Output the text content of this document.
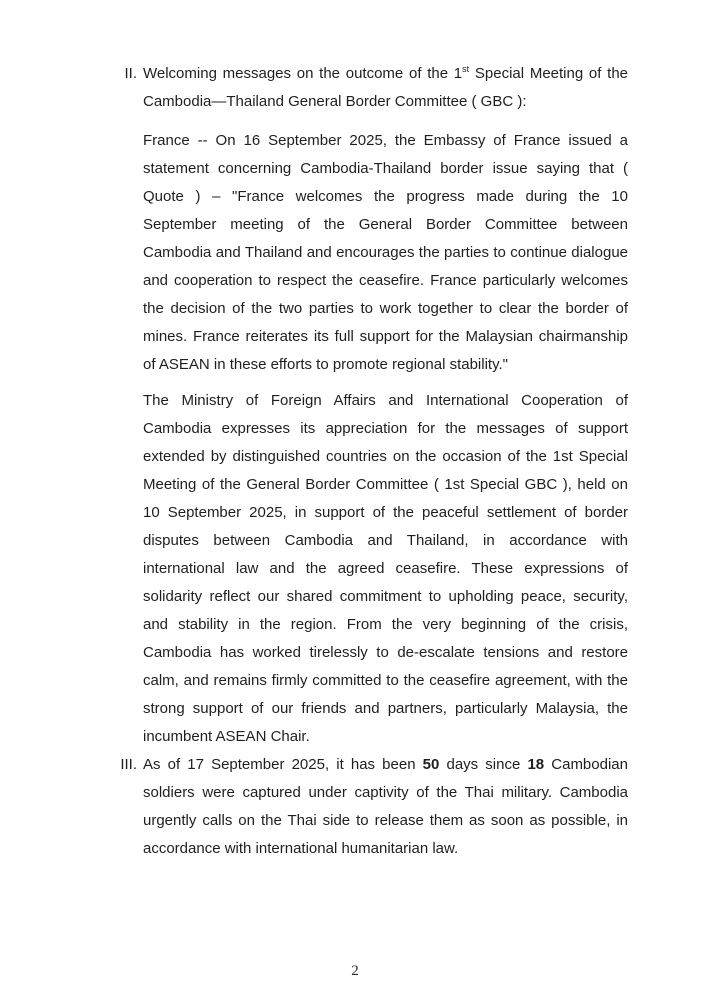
II. Welcoming messages on the outcome of the 1st Special Meeting of the Cambodia—Thailand General Border Committee ( GBC ):

France -- On 16 September 2025, the Embassy of France issued a statement concerning Cambodia-Thailand border issue saying that ( Quote ) – "France welcomes the progress made during the 10 September meeting of the General Border Committee between Cambodia and Thailand and encourages the parties to continue dialogue and cooperation to respect the ceasefire. France particularly welcomes the decision of the two parties to work together to clear the border of mines. France reiterates its full support for the Malaysian chairmanship of ASEAN in these efforts to promote regional stability."

The Ministry of Foreign Affairs and International Cooperation of Cambodia expresses its appreciation for the messages of support extended by distinguished countries on the occasion of the 1st Special Meeting of the General Border Committee ( 1st Special GBC ), held on 10 September 2025, in support of the peaceful settlement of border disputes between Cambodia and Thailand, in accordance with international law and the agreed ceasefire. These expressions of solidarity reflect our shared commitment to upholding peace, security, and stability in the region. From the very beginning of the crisis, Cambodia has worked tirelessly to de-escalate tensions and restore calm, and remains firmly committed to the ceasefire agreement, with the strong support of our friends and partners, particularly Malaysia, the incumbent ASEAN Chair.

III. As of 17 September 2025, it has been 50 days since 18 Cambodian soldiers were captured under captivity of the Thai military. Cambodia urgently calls on the Thai side to release them as soon as possible, in accordance with international humanitarian law.

2
